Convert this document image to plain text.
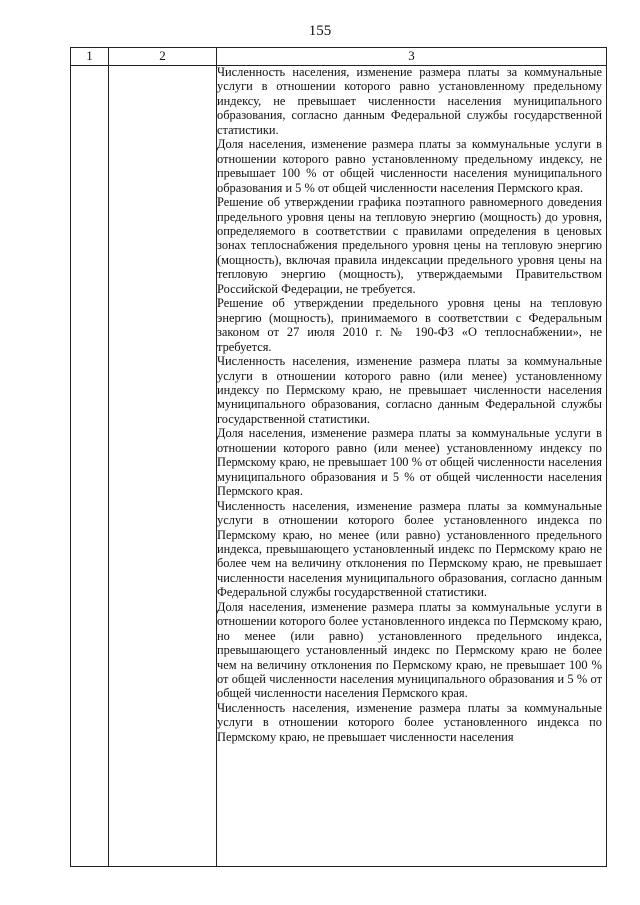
155
1	2	3

Численность населения, изменение размера платы за коммунальные услуги в отношении которого равно установленному предельному индексу, не превышает численности населения муниципального образования, согласно данным Федеральной службы государственной статистики.

Доля населения, изменение размера платы за коммунальные услуги в отношении которого равно установленному предельному индексу, не превышает 100 % от общей численности населения муниципального образования и 5 % от общей численности населения Пермского края.

Решение об утверждении графика поэтапного равномерного доведения предельного уровня цены на тепловую энергию (мощность) до уровня, определяемого в соответствии с правилами определения в ценовых зонах теплоснабжения предельного уровня цены на тепловую энергию (мощность), включая правила индексации предельного уровня цены на тепловую энергию (мощность), утверждаемыми Правительством Российской Федерации, не требуется.

Решение об утверждении предельного уровня цены на тепловую энергию (мощность), принимаемого в соответствии с Федеральным законом от 27 июля 2010 г. № 190-ФЗ «О теплоснабжении», не требуется.

Численность населения, изменение размера платы за коммунальные услуги в отношении которого равно (или менее) установленному индексу по Пермскому краю, не превышает численности населения муниципального образования, согласно данным Федеральной службы государственной статистики.

Доля населения, изменение размера платы за коммунальные услуги в отношении которого равно (или менее) установленному индексу по Пермскому краю, не превышает 100 % от общей численности населения муниципального образования и 5 % от общей численности населения Пермского края.

Численность населения, изменение размера платы за коммунальные услуги в отношении которого более установленного индекса по Пермскому краю, но менее (или равно) установленного предельного индекса, превышающего установленный индекс по Пермскому краю не более чем на величину отклонения по Пермскому краю, не превышает численности населения муниципального образования, согласно данным Федеральной службы государственной статистики.

Доля населения, изменение размера платы за коммунальные услуги в отношении которого более установленного индекса по Пермскому краю, но менее (или равно) установленного предельного индекса, превышающего установленный индекс по Пермскому краю не более чем на величину отклонения по Пермскому краю, не превышает 100 % от общей численности населения муниципального образования и 5 % от общей численности населения Пермского края.

Численность населения, изменение размера платы за коммунальные услуги в отношении которого более установленного индекса по Пермскому краю, не превышает численности населения
